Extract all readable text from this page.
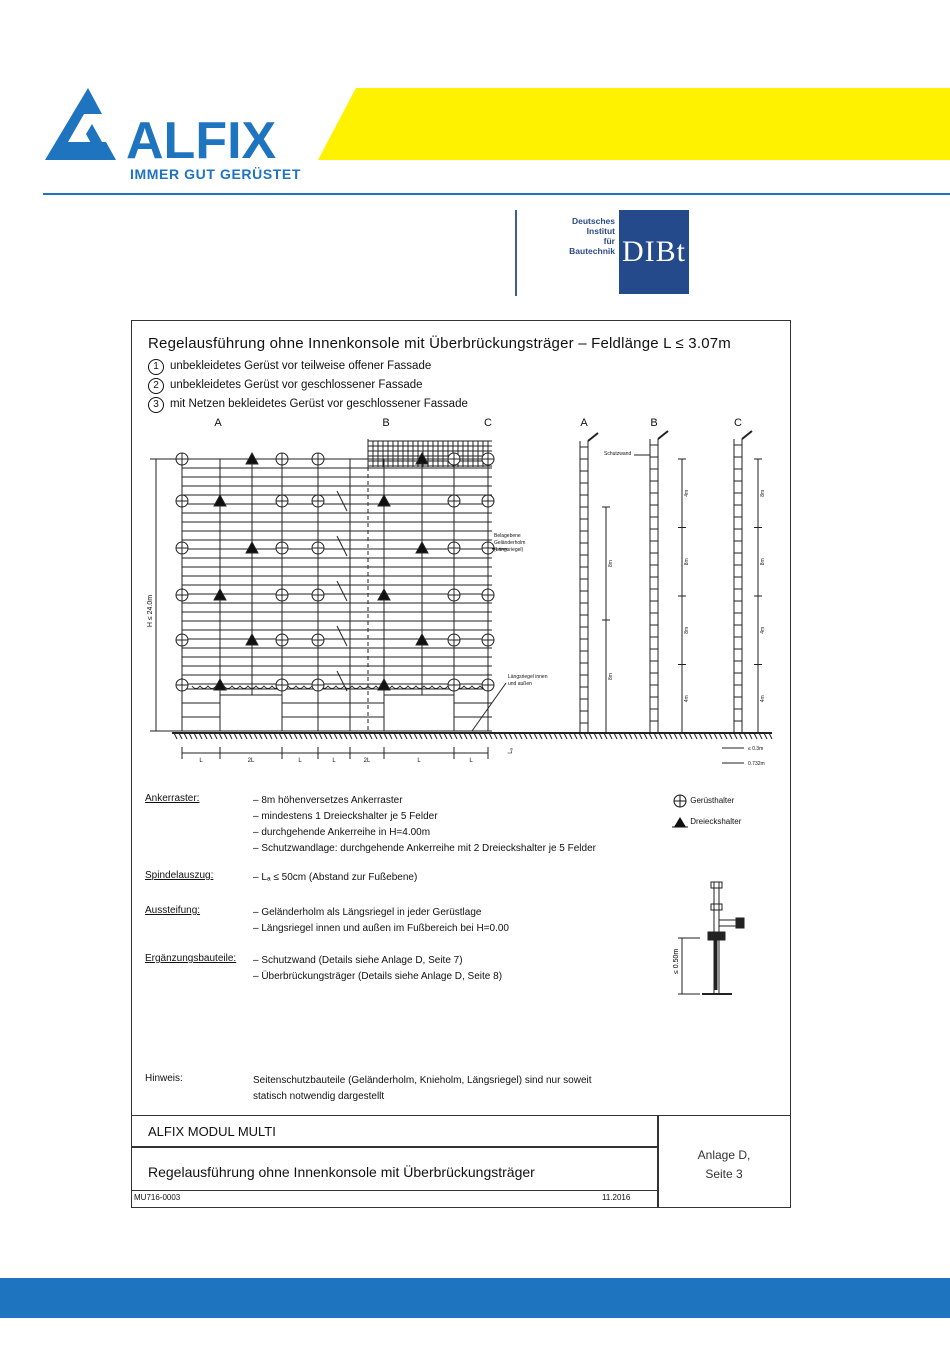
ALFIX
IMMER GUT GERÜSTET
Deutsches
Institut
für
Bautechnik DIBt
Regelausführung ohne Innenkonsole mit Überbrückungsträger – Feldlänge L ≤ 3.07m
1 unbekleidetes Gerüst vor teilweise offener Fassade
2 unbekleidetes Gerüst vor geschlossener Fassade
3 mit Netzen bekleidetes Gerüst vor geschlossener Fassade
H ≤ 24.0m
L	2L	L	L	2L	L	L
Lₐ
A	B	C
Belagebene
Geländerholm
(Längsriegel)
Längsriegel innen
und außen
A
8m
8m
B
4m
8m
8m
4m
C
8m
8m
4m
4m
Schutzwand
≤ 0.3m
0.732m
Gerüsthalter
Dreieckshalter
Ankerraster:	– 8m höhenversetzes Ankerraster
– mindestens 1 Dreieckshalter je 5 Felder
– durchgehende Ankerreihe in H=4.00m
– Schutzwandlage: durchgehende Ankerreihe mit 2 Dreieckshalter je 5 Felder
Spindelauszug:	– Lₐ ≤ 50cm (Abstand zur Fußebene)
Aussteifung:	– Geländerholm als Längsriegel in jeder Gerüstlage
– Längsriegel innen und außen im Fußbereich bei H=0.00
Ergänzungsbauteile: – Schutzwand (Details siehe Anlage D, Seite 7)
– Überbrückungsträger (Details siehe Anlage D, Seite 8)
Hinweis:	Seitenschutzbauteile (Geländerholm, Knieholm, Längsriegel) sind nur soweit
statisch notwendig dargestellt
≤ 0.50m
ALFIX MODUL MULTI
Regelausführung ohne Innenkonsole mit Überbrückungsträger
MU716-0003	11.2016
Anlage D,
Seite 3
